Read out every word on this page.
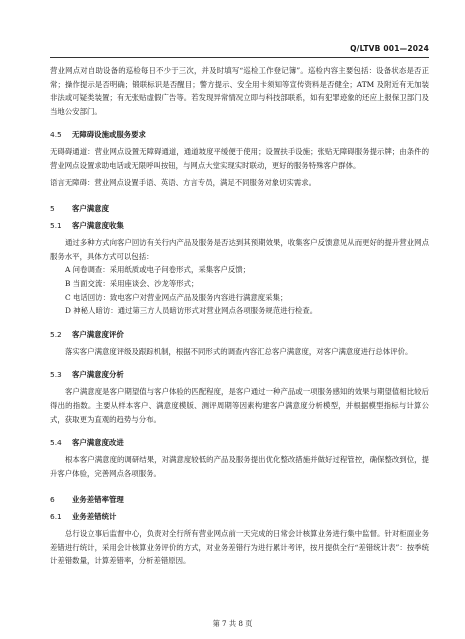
Q/LTVB 001—2024

营业网点对自助设备的巡检每日不少于三次，并及时填写“巡检工作登记簿”。巡检内容主要包括：设备状态是否正常；操作提示是否明确；锻联标识是否醒目；警方提示、安全用卡须知等宣传资料是否健全；ATM 及附近有无加装非法或可疑类装置；有无张贴虚假广告等。若发现异常情况立即与科技部联系，如有犯罪迹象的还应上报保卫部门及当地公安部门。

4.5 无障碍设施或服务要求

无碍碍通道：营业网点设置无障碍通道，通道坡度平缓便于使用；设置扶手设施；张贴无障碍服务提示牌；由条件的营业网点设置求助电话或无限呼叫按钮，与网点大堂实现实时联动，更好的服务特殊客户群体。

语言无障碍：营业网点设置手语、英语、方言专员，满足不同服务对象切实需求。

5 客户满意度
5.1 客户满意度收集

通过多种方式向客户回访有关行内产品及服务是否达到其预期效果，收集客户反馈意见从而更好的提升营业网点服务水平，具体方式可以包括：

A 问卷调查：采用纸质或电子问卷形式，采集客户反馈；

B 当面交流：采用座谈会、沙龙等形式；

C 电话回访：致电客户对营业网点产品及服务内容进行满意度采集；

D 神秘人暗访：通过第三方人员暗访形式对营业网点各项服务规范进行检查。

5.2 客户满意度评价

落实客户满意度评级及跟踪机制，根据不同形式的调查内容汇总客户满意度，对客户满意度进行总体评价。

5.3 客户满意度分析

客户满意度是客户期望值与客户体验的匹配程度，是客户通过一种产品或一项服务感知的效果与期望值相比较后得出的指数。主要从样本客户、满意度模版、测评周期等因素构建客户满意度分析模型，并根据模型指标与计算公式，获取更为直观的趋势与分布。

5.4 客户满意度改进

根本客户满意度的调研结果，对满意度较低的产品及服务提出优化整改措施并做好过程管控，确保整改到位，提升客户体验，完善网点各项服务。

6 业务差错率管理
6.1 业务差错统计

总行设立事后监督中心，负责对全行所有营业网点前一天完成的日常会计核算业务进行集中监督。针对柜面业务差错进行统计，采用会计核算业务评价的方式，对业务差错行为进行累计考评，按月提供全行“差错统计表”：按季统计差错数量，计算差错率，分析差错原因。

第 7 共 8 页
